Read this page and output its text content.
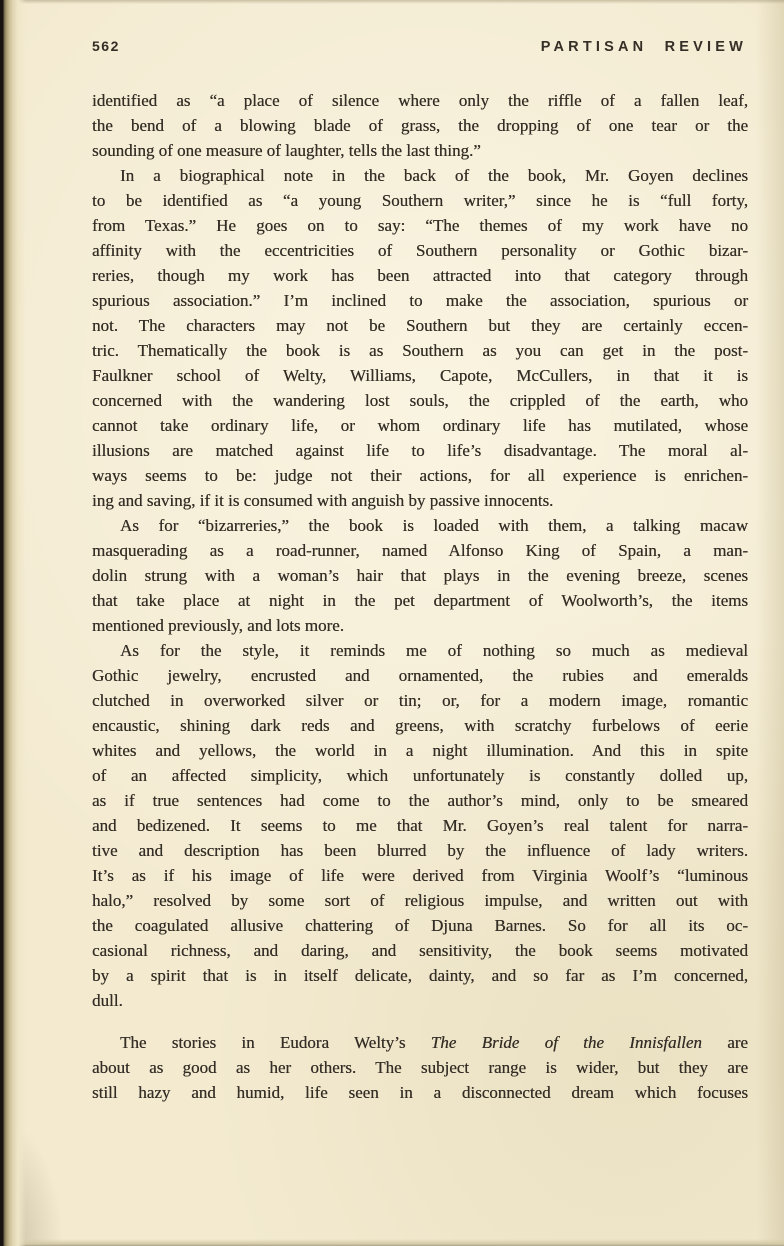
562	PARTISAN REVIEW
identified as “a place of silence where only the riffle of a fallen leaf,
the bend of a blowing blade of grass, the dropping of one tear or the
sounding of one measure of laughter, tells the last thing.”
In a biographical note in the back of the book, Mr. Goyen declines
to be identified as “a young Southern writer,” since he is “full forty,
from Texas.” He goes on to say: “The themes of my work have no
affinity with the eccentricities of Southern personality or Gothic bizar-
reries, though my work has been attracted into that category through
spurious association.” I’m inclined to make the association, spurious or
not. The characters may not be Southern but they are certainly eccen-
tric. Thematically the book is as Southern as you can get in the post-
Faulkner school of Welty, Williams, Capote, McCullers, in that it is
concerned with the wandering lost souls, the crippled of the earth, who
cannot take ordinary life, or whom ordinary life has mutilated, whose
illusions are matched against life to life’s disadvantage. The moral al-
ways seems to be: judge not their actions, for all experience is enrichen-
ing and saving, if it is consumed with anguish by passive innocents.
As for “bizarreries,” the book is loaded with them, a talking macaw
masquerading as a road-runner, named Alfonso King of Spain, a man-
dolin strung with a woman’s hair that plays in the evening breeze, scenes
that take place at night in the pet department of Woolworth’s, the items
mentioned previously, and lots more.
As for the style, it reminds me of nothing so much as medieval
Gothic jewelry, encrusted and ornamented, the rubies and emeralds
clutched in overworked silver or tin; or, for a modern image, romantic
encaustic, shining dark reds and greens, with scratchy furbelows of eerie
whites and yellows, the world in a night illumination. And this in spite
of an affected simplicity, which unfortunately is constantly dolled up,
as if true sentences had come to the author’s mind, only to be smeared
and bedizened. It seems to me that Mr. Goyen’s real talent for narra-
tive and description has been blurred by the influence of lady writers.
It’s as if his image of life were derived from Virginia Woolf’s “luminous
halo,” resolved by some sort of religious impulse, and written out with
the coagulated allusive chattering of Djuna Barnes. So for all its oc-
casional richness, and daring, and sensitivity, the book seems motivated
by a spirit that is in itself delicate, dainty, and so far as I’m concerned,
dull.
The stories in Eudora Welty’s The Bride of the Innisfallen are
about as good as her others. The subject range is wider, but they are
still hazy and humid, life seen in a disconnected dream which focuses
